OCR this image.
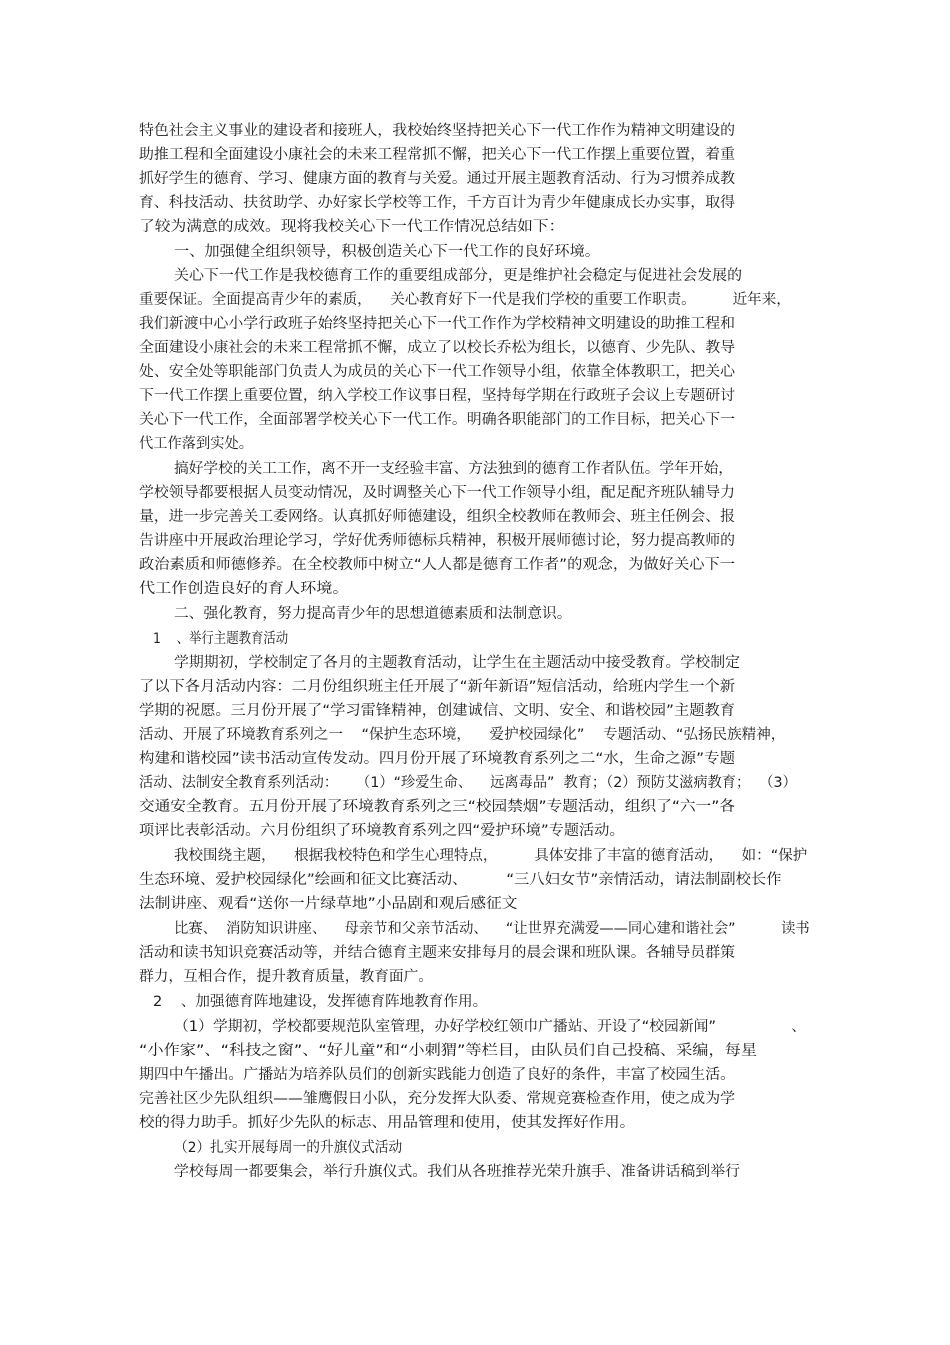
特色社会主义事业的建设者和接班人，我校始终坚持把关心下一代工作作为精神文明建设的
助推工程和全面建设小康社会的未来工程常抓不懈，把关心下一代工作摆上重要位置，着重
抓好学生的德育、学习、健康方面的教育与关爱。通过开展主题教育活动、行为习惯养成教
育、科技活动、扶贫助学、办好家长学校等工作，千方百计为青少年健康成长办实事，取得
了较为满意的成效。现将我校关心下一代工作情况总结如下：
一、加强健全组织领导，积极创造关心下一代工作的良好环境。
关心下一代工作是我校德育工作的重要组成部分，更是维护社会稳定与促进社会发展的
重要保证。全面提高青少年的素质，    关心教育好下一代是我们学校的重要工作职责。        近年来，
我们新渡中心小学行政班子始终坚持把关心下一代工作作为学校精神文明建设的助推工程和
全面建设小康社会的未来工程常抓不懈，成立了以校长乔松为组长，以德育、少先队、教导
处、安全处等职能部门负责人为成员的关心下一代工作领导小组，依靠全体教职工，把关心
下一代工作摆上重要位置，纳入学校工作议事日程，坚持每学期在行政班子会议上专题研讨
关心下一代工作，全面部署学校关心下一代工作。明确各职能部门的工作目标，把关心下一
代工作落到实处。
搞好学校的关工工作，离不开一支经验丰富、方法独到的德育工作者队伍。学年开始，
学校领导都要根据人员变动情况，及时调整关心下一代工作领导小组，配足配齐班队辅导力
量，进一步完善关工委网络。认真抓好师德建设，组织全校教师在教师会、班主任例会、报
告讲座中开展政治理论学习，学好优秀师德标兵精神，积极开展师德讨论，努力提高教师的
政治素质和师德修养。在全校教师中树立“人人都是德育工作者”的观念，为做好关心下一
代工作创造良好的育人环境。
二、强化教育，努力提高青少年的思想道德素质和法制意识。
1    、举行主题教育活动
学期期初，学校制定了各月的主题教育活动，让学生在主题活动中接受教育。学校制定
了以下各月活动内容：二月份组织班主任开展了“新年新语”短信活动，给班内学生一个新
学期的祝愿。三月份开展了“学习雷锋精神，创建诚信、文明、安全、和谐校园”主题教育
活动、开展了环境教育系列之一    “保护生态环境，    爱护校园绿化”    专题活动、“弘扬民族精神，
构建和谐校园”读书活动宣传发动。四月份开展了环境教育系列之二“水，生命之源”专题
活动、法制安全教育系列活动：    （1）“珍爱生命、    远离毒品”  教育；（2）预防艾滋病教育；  （3）
交通安全教育。五月份开展了环境教育系列之三“校园禁烟”专题活动，组织了“六一”各
项评比表彰活动。六月份组织了环境教育系列之四“爱护环境”专题活动。
我校围绕主题，    根据我校特色和学生心理特点，        具体安排了丰富的德育活动，    如：“保护
生态环境、爱护校园绿化”绘画和征文比赛活动、        “三八妇女节”亲情活动，请法制副校长作
法制讲座、观看“送你一片绿草地”小品剧和观后感征文
比赛、  消防知识讲座、    母亲节和父亲节活动、    “让世界充满爱——同心建和谐社会”          读书
活动和读书知识竞赛活动等，并结合德育主题来安排每月的晨会课和班队课。各辅导员群策
群力，互相合作，提升教育质量，教育面广。
2    、加强德育阵地建设，发挥德育阵地教育作用。
（1）学期初，学校都要规范队室管理，办好学校红领巾广播站、开设了“校园新闻”                、
“小作家”、“科技之窗”、“好儿童”和“小刺猬”等栏目，由队员们自己投稿、采编，每星
期四中午播出。广播站为培养队员们的创新实践能力创造了良好的条件，丰富了校园生活。
完善社区少先队组织——雏鹰假日小队，充分发挥大队委、常规竞赛检查作用，使之成为学
校的得力助手。抓好少先队的标志、用品管理和使用，使其发挥好作用。
（2）扎实开展每周一的升旗仪式活动
学校每周一都要集会，举行升旗仪式。我们从各班推荐光荣升旗手、准备讲话稿到举行
